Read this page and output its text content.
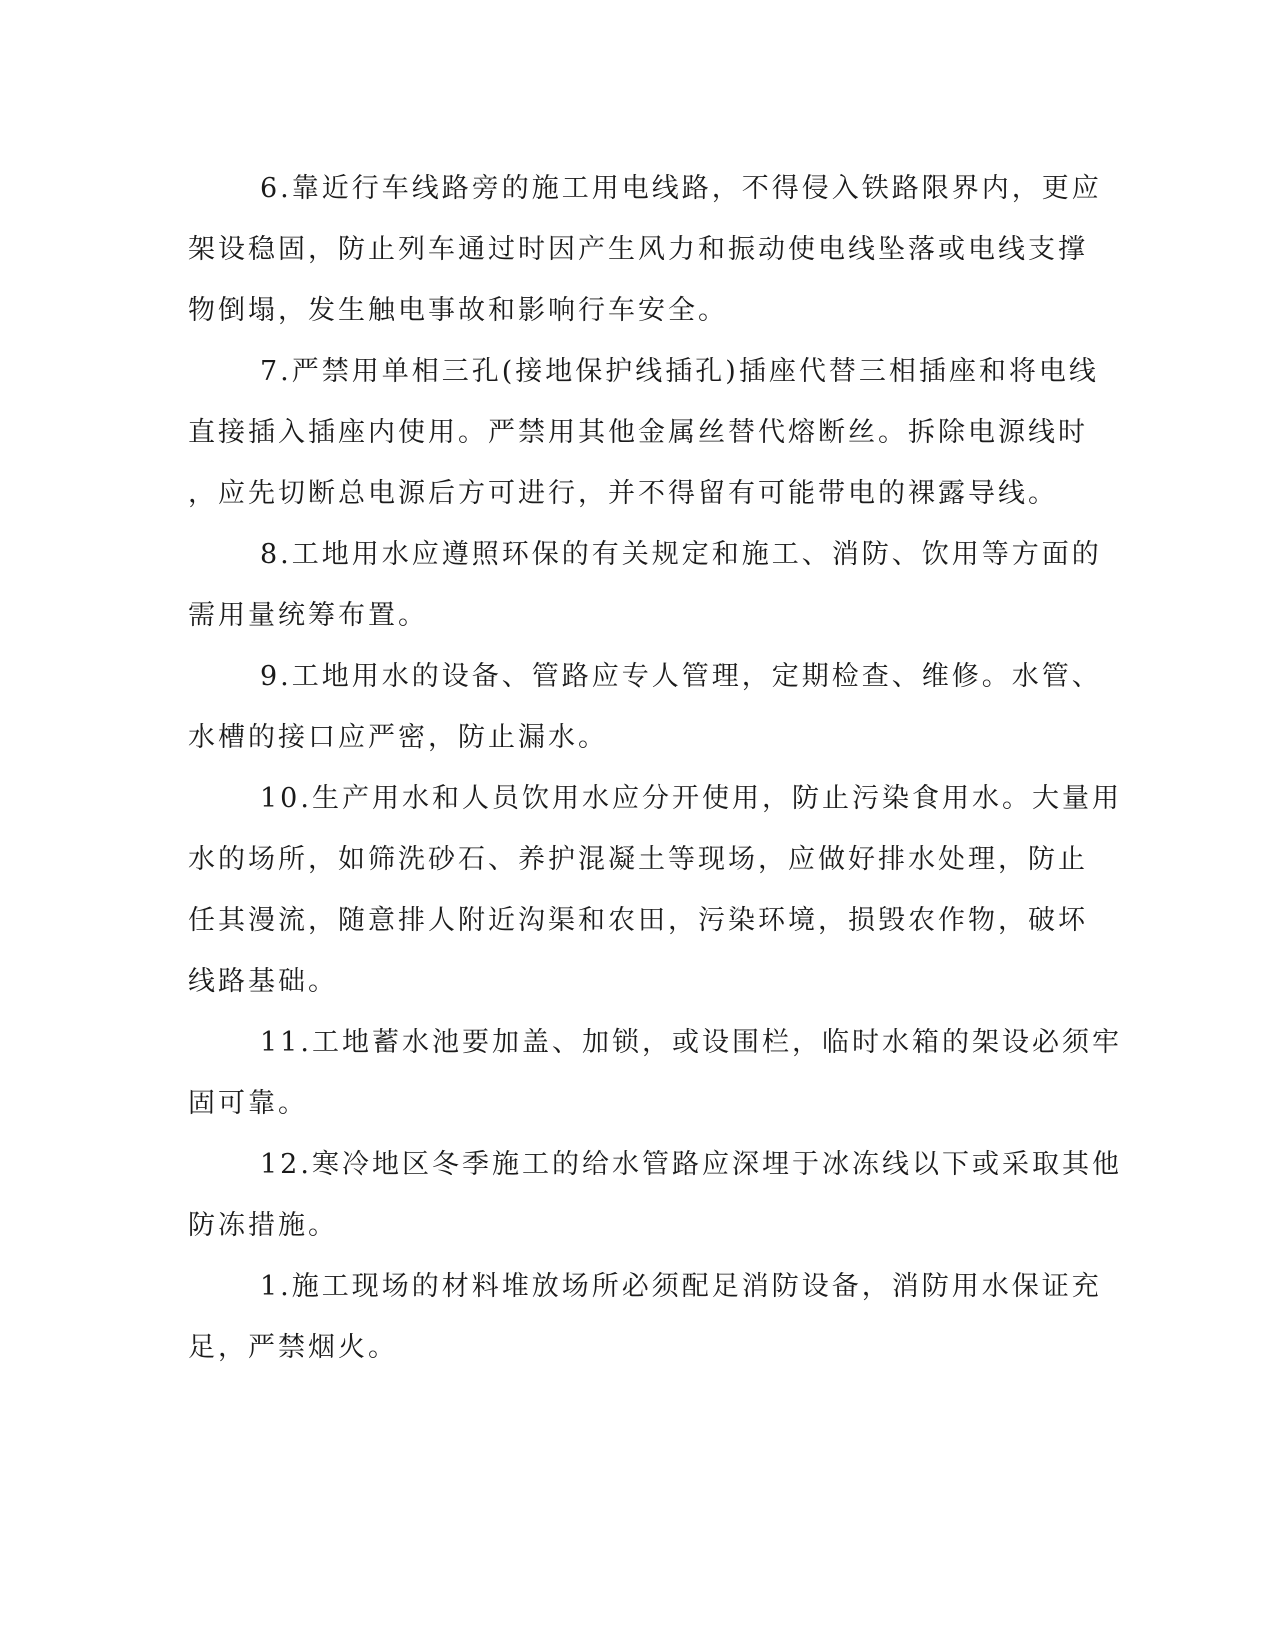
6.靠近行车线路旁的施工用电线路，不得侵入铁路限界内，更应
架设稳固，防止列车通过时因产生风力和振动使电线坠落或电线支撑
物倒塌，发生触电事故和影响行车安全。
7.严禁用单相三孔(接地保护线插孔)插座代替三相插座和将电线
直接插入插座内使用。严禁用其他金属丝替代熔断丝。拆除电源线时
，应先切断总电源后方可进行，并不得留有可能带电的裸露导线。
8.工地用水应遵照环保的有关规定和施工、消防、饮用等方面的
需用量统筹布置。
9.工地用水的设备、管路应专人管理，定期检查、维修。水管、
水槽的接口应严密，防止漏水。
10.生产用水和人员饮用水应分开使用，防止污染食用水。大量用
水的场所，如筛洗砂石、养护混凝土等现场，应做好排水处理，防止
任其漫流，随意排人附近沟渠和农田，污染环境，损毁农作物，破坏
线路基础。
11.工地蓄水池要加盖、加锁，或设围栏，临时水箱的架设必须牢
固可靠。
12.寒冷地区冬季施工的给水管路应深埋于冰冻线以下或采取其他
防冻措施。
1.施工现场的材料堆放场所必须配足消防设备，消防用水保证充
足，严禁烟火。
